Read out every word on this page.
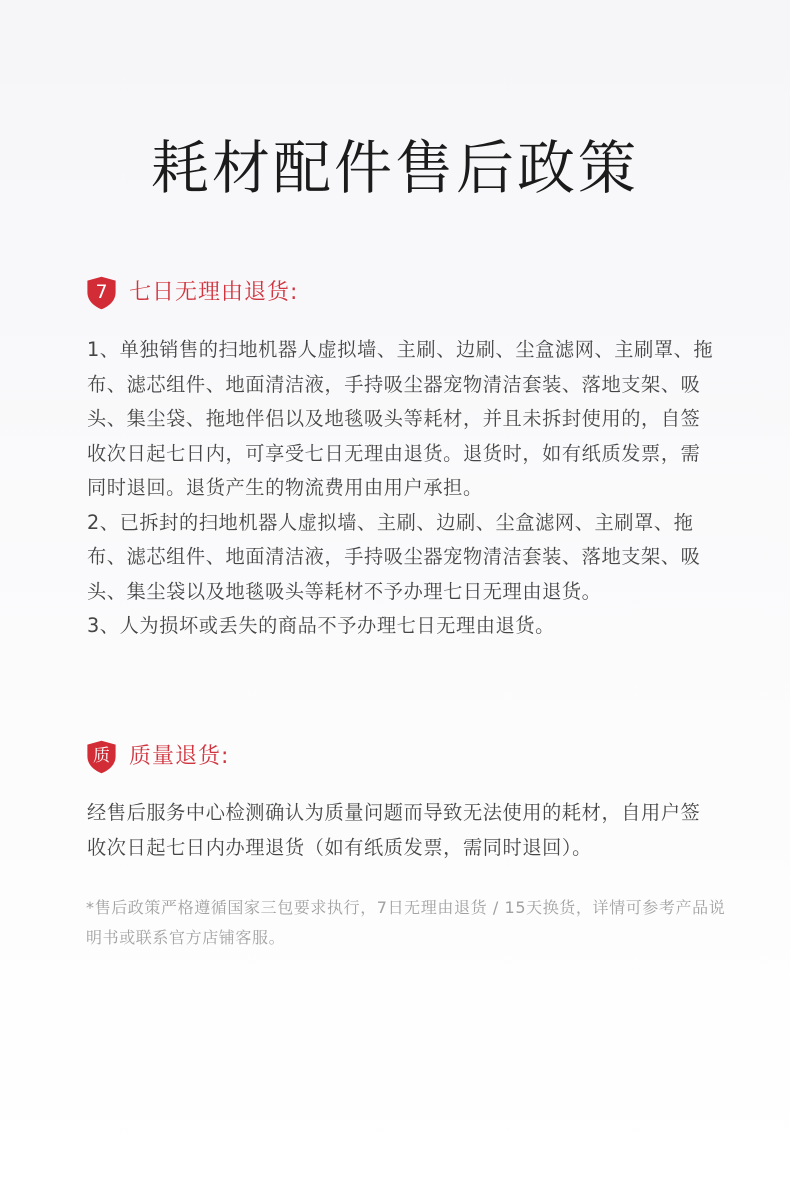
耗材配件售后政策
7 七日无理由退货:

1、单独销售的扫地机器人虚拟墙、主刷、边刷、尘盒滤网、主刷罩、拖布、滤芯组件、地面清洁液，手持吸尘器宠物清洁套装、落地支架、吸头、集尘袋、拖地伴侣以及地毯吸头等耗材，并且未拆封使用的，自签收次日起七日内，可享受七日无理由退货。退货时，如有纸质发票，需同时退回。退货产生的物流费用由用户承担。

2、已拆封的扫地机器人虚拟墙、主刷、边刷、尘盒滤网、主刷罩、拖布、滤芯组件、地面清洁液，手持吸尘器宠物清洁套装、落地支架、吸头、集尘袋以及地毯吸头等耗材不予办理七日无理由退货。

3、人为损坏或丢失的商品不予办理七日无理由退货。

质 质量退货:

经售后服务中心检测确认为质量问题而导致无法使用的耗材，自用户签收次日起七日内办理退货（如有纸质发票，需同时退回）。

*售后政策严格遵循国家三包要求执行，7日无理由退货 / 15天换货，详情可参考产品说明书或联系官方店铺客服。
